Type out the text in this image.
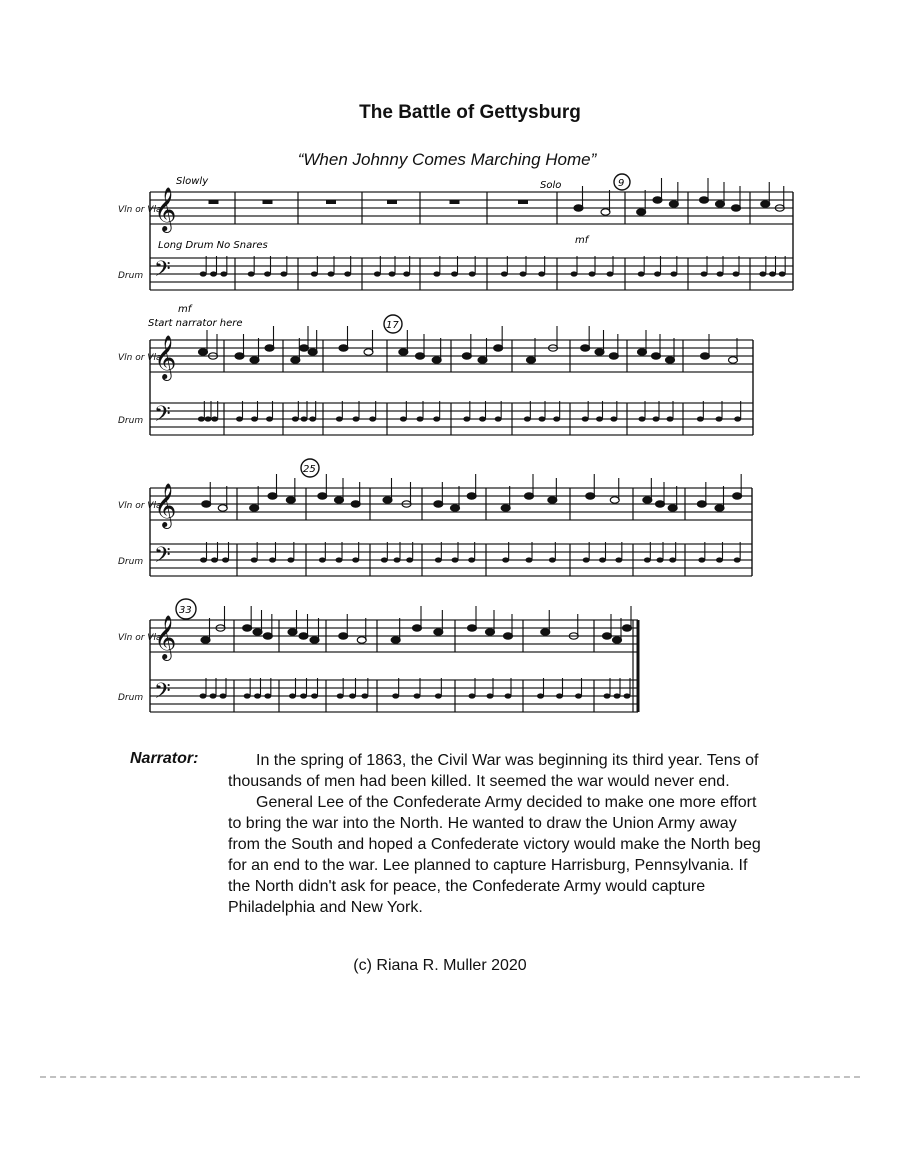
The Battle of Gettysburg
“When Johnny Comes Marching Home”
𝄞
Vln or Vla
𝄢
Drum
𝄞
Vln or Vla
𝄢
Drum
𝄞
Vln or Vla
𝄢
Drum
𝄞
Vln or Vla
𝄢
Drum
Slowly	Solo
mf
mf
Long Drum No Snares
Start narrator here
9
17
25
33
Narrator:	In the spring of 1863, the Civil War was beginning its third year. Tens of thousands of men had been killed. It seemed the war would never end.

General Lee of the Confederate Army decided to make one more effort to bring the war into the North. He wanted to draw the Union Army away from the South and hoped a Confederate victory would make the North beg for an end to the war. Lee planned to capture Harrisburg, Pennsylvania. If the North didn't ask for peace, the Confederate Army would capture Philadelphia and New York.

(c) Riana R. Muller 2020
